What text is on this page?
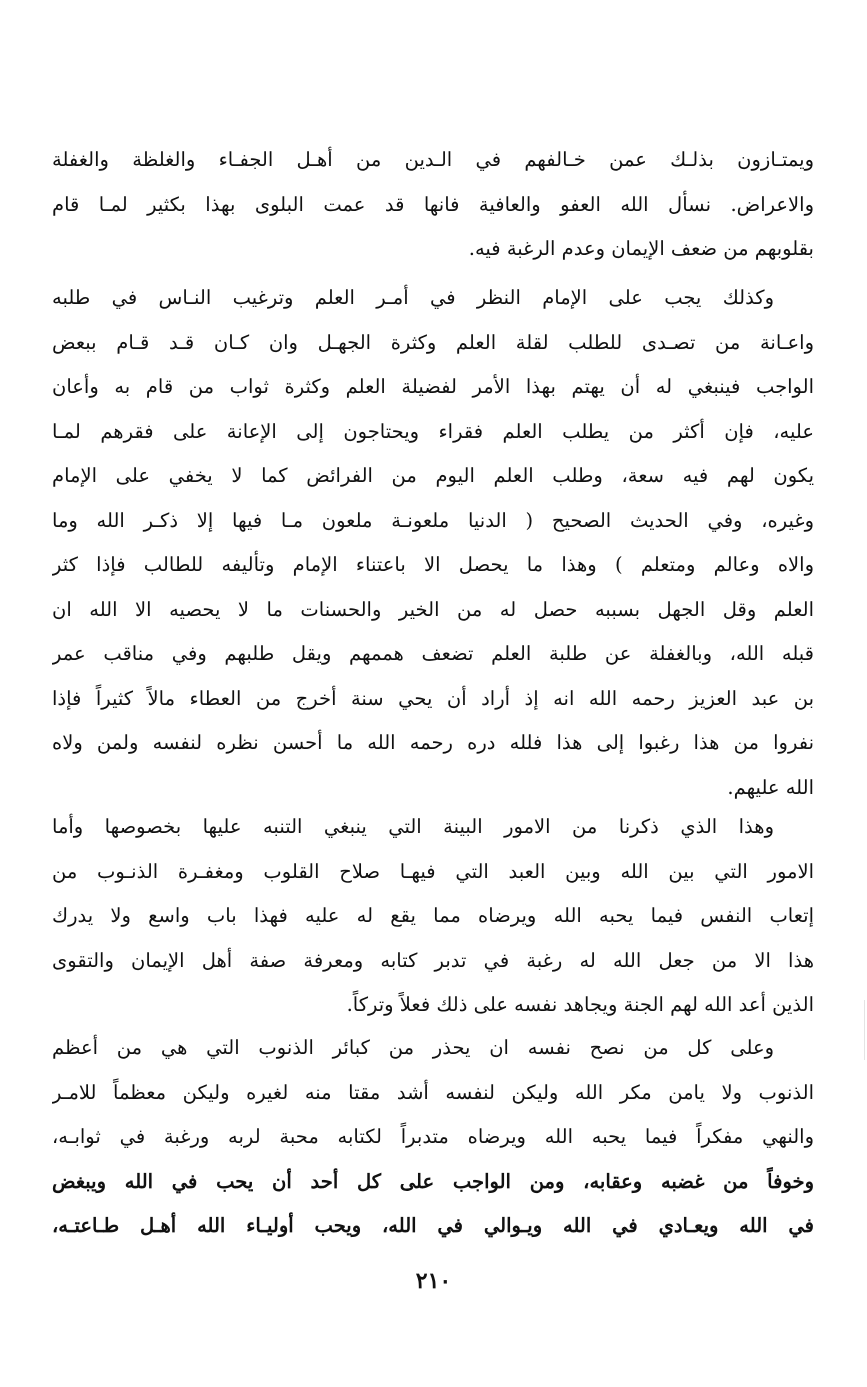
ويمتـازون بذلـك عمن خـالفهم في الـدين من أهـل الجفـاء والغلظة والغفلة
والاعراض. نسأل الله العفو والعافية فانها قد عمت البلوى بهذا بكثير لمـا قام
بقلوبهم من ضعف الإيمان وعدم الرغبة فيه.
وكذلك يجب على الإمام النظر في أمـر العلم وترغيب النـاس في طلبه
واعـانة من تصـدى للطلب لقلة العلم وكثرة الجهـل وان كـان قـد قـام ببعض
الواجب فينبغي له أن يهتم بهذا الأمر لفضيلة العلم وكثرة ثواب من قام به وأعان
عليه، فإن أكثر من يطلب العلم فقراء ويحتاجون إلى الإعانة على فقرهم لمـا
يكون لهم فيه سعة، وطلب العلم اليوم من الفرائض كما لا يخفي على الإمام
وغيره، وفي الحديث الصحيح ( الدنيا ملعونـة ملعون مـا فيها إلا ذكـر الله وما
والاه وعالم ومتعلم ) وهذا ما يحصل الا باعتناء الإمام وتأليفه للطالب فإذا كثر
العلم وقل الجهل بسببه حصل له من الخير والحسنات ما لا يحصيه الا الله ان
قبله الله، وبالغفلة عن طلبة العلم تضعف هممهم ويقل طلبهم وفي مناقب عمر
بن عبد العزيز رحمه الله انه إذ أراد أن يحي سنة أخرج من العطاء مالاً كثيراً فإذا
نفروا من هذا رغبوا إلى هذا فلله دره رحمه الله ما أحسن نظره لنفسه ولمن ولاه
الله عليهم.
وهذا الذي ذكرنا من الامور البينة التي ينبغي التنبه عليها بخصوصها وأما
الامور التي بين الله وبين العبد التي فيهـا صلاح القلوب ومغفـرة الذنـوب من
إتعاب النفس فيما يحبه الله ويرضاه مما يقع له عليه فهذا باب واسع ولا يدرك
هذا الا من جعل الله له رغبة في تدبر كتابه ومعرفة صفة أهل الإيمان والتقوى
الذين أعد الله لهم الجنة ويجاهد نفسه على ذلك فعلاً وتركاً.
وعلى كل من نصح نفسه ان يحذر من كبائر الذنوب التي هي من أعظم
الذنوب ولا يامن مكر الله وليكن لنفسه أشد مقتا منه لغيره وليكن معظماً للامـر
والنهي مفكراً فيما يحبه الله ويرضاه متدبراً لكتابه محبة لربه ورغبة في ثوابـه،
وخوفاً من غضبه وعقابه، ومن الواجب على كل أحد أن يحب في الله ويبغض
في الله ويعـادي في الله ويـوالي في الله، ويحب أوليـاء الله أهـل طـاعتـه،
٢١٠
